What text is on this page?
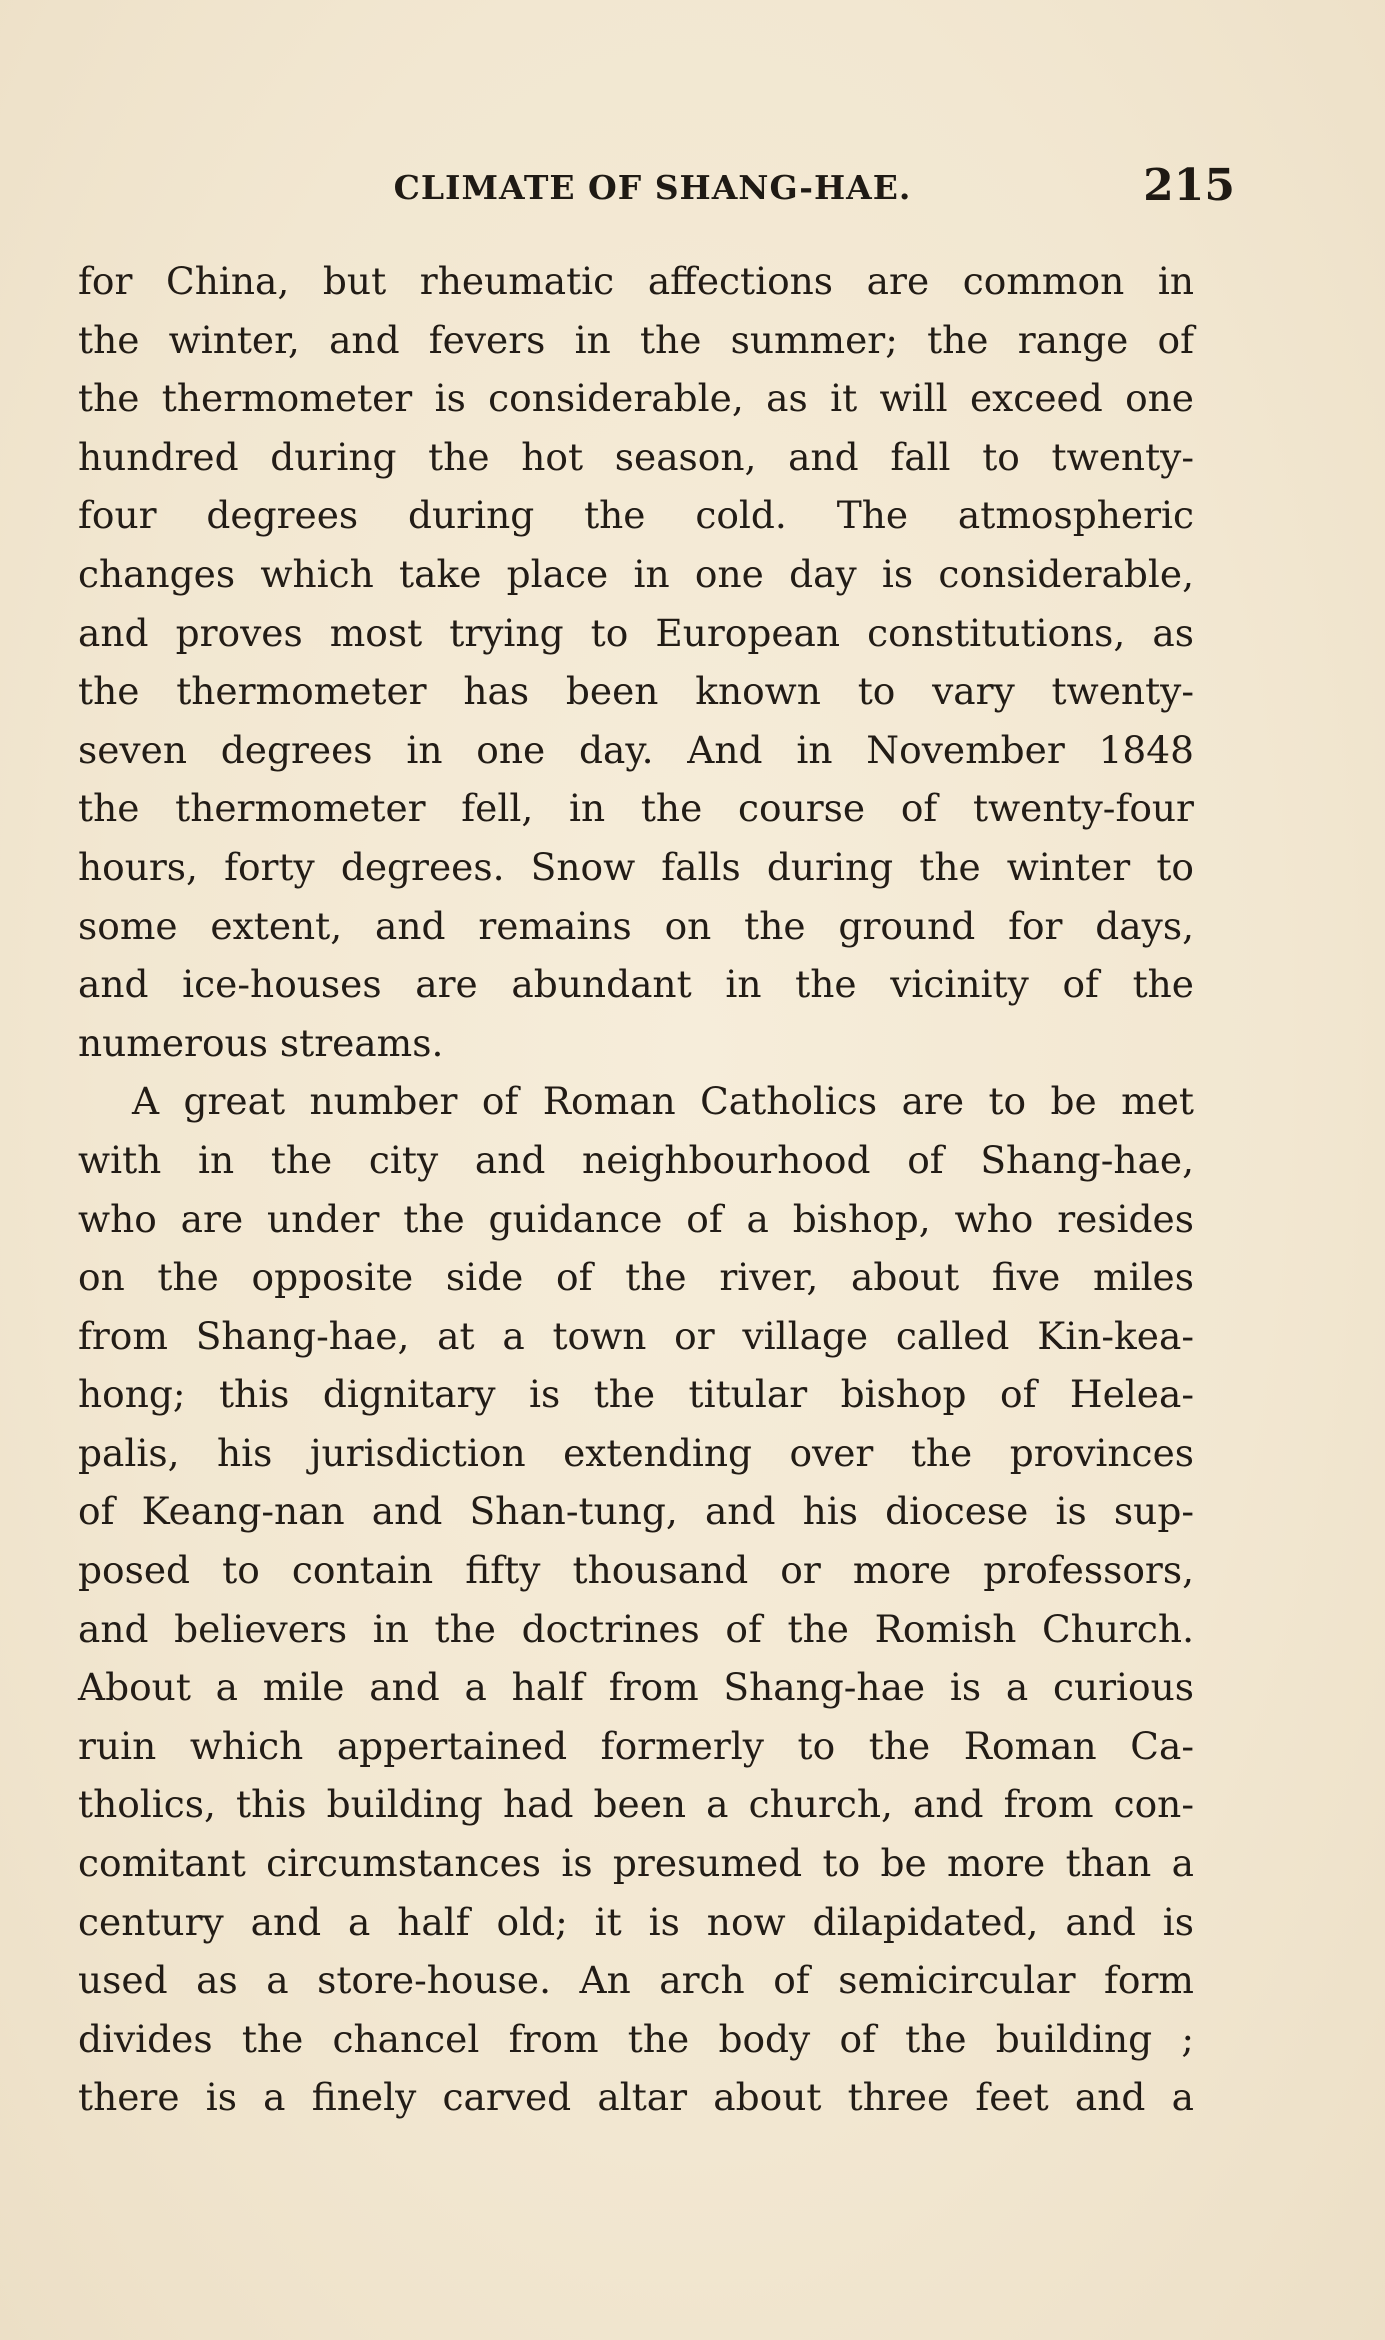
CLIMATE OF SHANG-HAE.	215
for China, but rheumatic affections are common in
the winter, and fevers in the summer; the range of
the thermometer is considerable, as it will exceed one
hundred during the hot season, and fall to twenty-
four degrees during the cold. The atmospheric
changes which take place in one day is considerable,
and proves most trying to European constitutions, as
the thermometer has been known to vary twenty-
seven degrees in one day. And in November 1848
the thermometer fell, in the course of twenty-four
hours, forty degrees. Snow falls during the winter to
some extent, and remains on the ground for days,
and ice-houses are abundant in the vicinity of the
numerous streams.
A great number of Roman Catholics are to be met
with in the city and neighbourhood of Shang-hae,
who are under the guidance of a bishop, who resides
on the opposite side of the river, about five miles
from Shang-hae, at a town or village called Kin-kea-
hong; this dignitary is the titular bishop of Helea-
palis, his jurisdiction extending over the provinces
of Keang-nan and Shan-tung, and his diocese is sup-
posed to contain fifty thousand or more professors,
and believers in the doctrines of the Romish Church.
About a mile and a half from Shang-hae is a curious
ruin which appertained formerly to the Roman Ca-
tholics, this building had been a church, and from con-
comitant circumstances is presumed to be more than a
century and a half old; it is now dilapidated, and is
used as a store-house. An arch of semicircular form
divides the chancel from the body of the building ;
there is a finely carved altar about three feet and a
